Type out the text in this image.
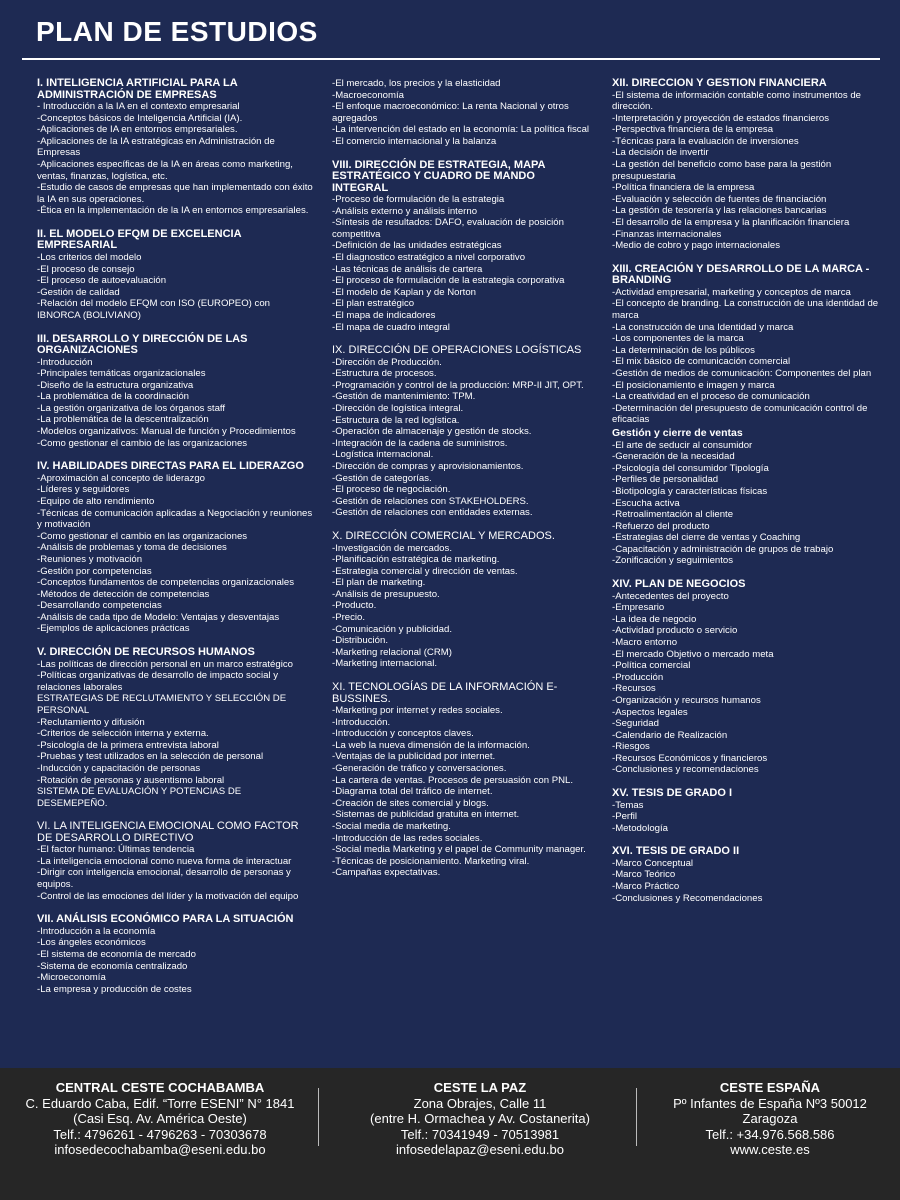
PLAN DE ESTUDIOS
I. INTELIGENCIA ARTIFICIAL PARA LA ADMINISTRACIÓN DE EMPRESAS
- Introducción a la IA en el contexto empresarial
-Conceptos básicos de Inteligencia Artificial (IA).
-Aplicaciones de IA en entornos empresariales.
-Aplicaciones de la IA estratégicas en Administración de Empresas
-Aplicaciones específicas de la IA en áreas como marketing, ventas, finanzas, logística, etc.
-Estudio de casos de empresas que han implementado con éxito la IA en sus operaciones.
-Ética en la implementación de la IA en entornos empresariales.
II. EL MODELO EFQM DE EXCELENCIA EMPRESARIAL
-Los criterios del modelo
-El proceso de consejo
-El proceso de autoevaluación
-Gestión de calidad
-Relación del modelo EFQM con ISO (EUROPEO) con IBNORCA (BOLIVIANO)
III. DESARROLLO Y DIRECCIÓN DE LAS ORGANIZACIONES
-Introducción
-Principales temáticas organizacionales
-Diseño de la estructura organizativa
-La problemática de la coordinación
-La gestión organizativa de los órganos staff
-La problemática de la descentralización
-Modelos organizativos: Manual de función y Procedimientos
-Como gestionar el cambio de las organizaciones
IV. HABILIDADES DIRECTAS PARA EL LIDERAZGO
-Aproximación al concepto de liderazgo
-Líderes y seguidores
-Equipo de alto rendimiento
-Técnicas de comunicación aplicadas a Negociación y reuniones y motivación
-Como gestionar el cambio en las organizaciones
-Análisis de problemas y toma de decisiones
-Reuniones y motivación
-Gestión por competencias
-Conceptos fundamentos de competencias organizacionales
-Métodos de detección de competencias
-Desarrollando competencias
-Análisis de cada tipo de Modelo: Ventajas y desventajas
-Ejemplos de aplicaciones prácticas
V. DIRECCIÓN DE RECURSOS HUMANOS
-Las políticas de dirección personal en un marco estratégico
-Políticas organizativas de desarrollo de impacto social y relaciones laborales
ESTRATEGIAS DE RECLUTAMIENTO Y SELECCIÓN DE PERSONAL
-Reclutamiento y difusión
-Criterios de selección interna y externa.
-Psicología de la primera entrevista laboral
-Pruebas y test utilizados en la selección de personal
-Inducción y capacitación de personas
-Rotación de personas y ausentismo laboral
SISTEMA DE EVALUACIÓN Y POTENCIAS DE DESEMEPEÑO.
VI. LA INTELIGENCIA EMOCIONAL COMO FACTOR DE DESARROLLO DIRECTIVO
-El factor humano: Últimas tendencia
-La inteligencia emocional como nueva forma de interactuar
-Dirigir con inteligencia emocional, desarrollo de personas y equipos.
-Control de las emociones del líder y la motivación del equipo
VII. ANÁLISIS ECONÓMICO PARA LA SITUACIÓN
-Introducción a la economía
-Los ángeles económicos
-El sistema de economía de mercado
-Sistema de economía centralizado
-Microeconomía
-La empresa y producción de costes
-El mercado, los precios y la elasticidad
-Macroeconomía
-El enfoque macroeconómico: La renta Nacional y otros agregados
-La intervención del estado en la economía: La política fiscal
-El comercio internacional y la balanza
VIII. DIRECCIÓN DE ESTRATEGIA, MAPA ESTRATÉGICO Y CUADRO DE MANDO INTEGRAL
-Proceso de formulación de la estrategia
-Análisis externo y análisis interno
-Síntesis de resultados: DAFO, evaluación de posición competitiva
-Definición de las unidades estratégicas
-El diagnostico estratégico a nivel corporativo
-Las técnicas de análisis de cartera
-El proceso de formulación de la estrategia corporativa
-El modelo de Kaplan y de Norton
-El plan estratégico
-El mapa de indicadores
-El mapa de cuadro integral
IX. DIRECCIÓN DE OPERACIONES LOGÍSTICAS
-Dirección de Producción.
-Estructura de procesos.
-Programación y control de la producción: MRP-II JIT, OPT.
-Gestión de mantenimiento: TPM.
-Dirección de logística integral.
-Estructura de la red logística.
-Operación de almacenaje y gestión de stocks.
-Integración de la cadena de suministros.
-Logística internacional.
-Dirección de compras y aprovisionamientos.
-Gestión de categorías.
-El proceso de negociación.
-Gestión de relaciones con STAKEHOLDERS.
-Gestión de relaciones con entidades externas.
X. DIRECCIÓN COMERCIAL Y MERCADOS.
-Investigación de mercados.
-Planificación estratégica de marketing.
-Estrategia comercial y dirección de ventas.
-El plan de marketing.
-Análisis de presupuesto.
-Producto.
-Precio.
-Comunicación y publicidad.
-Distribución.
-Marketing relacional (CRM)
-Marketing internacional.
XI. TECNOLOGÍAS DE LA INFORMACIÓN E-BUSSINES.
-Marketing por internet y redes sociales.
-Introducción.
-Introducción y conceptos claves.
-La web la nueva dimensión de la información.
-Ventajas de la publicidad por internet.
-Generación de tráfico y conversaciones.
-La cartera de ventas. Procesos de persuasión con PNL.
-Diagrama total del tráfico de internet.
-Creación de sites comercial y blogs.
-Sistemas de publicidad gratuita en internet.
-Social media de marketing.
-Introducción de las redes sociales.
-Social media Marketing y el papel de Community manager.
-Técnicas de posicionamiento. Marketing viral.
-Campañas expectativas.
XII. DIRECCIÓN Y GESTIÓN FINANCIERA
-El sistema de información contable como instrumentos de dirección.
-Interpretación y proyección de estados financieros
-Perspectiva financiera de la empresa
-Técnicas para la evaluación de inversiones
-La decisión de invertir
-La gestión del beneficio como base para la gestión presupuestaria
-Política financiera de la empresa
-Evaluación y selección de fuentes de financiación
-La gestión de tesorería y las relaciones bancarias
-El desarrollo de la empresa y la planificación financiera
-Finanzas internacionales
-Medio de cobro y pago internacionales
XIII. CREACIÓN Y DESARROLLO DE LA MARCA - BRANDING
-Actividad empresarial, marketing y conceptos de marca
-El concepto de branding. La construcción de una identidad de marca
-La construcción de una Identidad y marca
-Los componentes de la marca
-La determinación de los públicos
-El mix básico de comunicación comercial
-Gestión de medios de comunicación: Componentes del plan
-El posicionamiento e imagen y marca
-La creatividad en el proceso de comunicación
-Determinación del presupuesto de comunicación control de eficacias
Gestión y cierre de ventas
-El arte de seducir al consumidor
-Generación de la necesidad
-Psicología del consumidor Tipología
-Perfiles de personalidad
-Biotipología y características físicas
-Escucha activa
-Retroalimentación al cliente
-Refuerzo del producto
-Estrategias del cierre de ventas y Coaching
-Capacitación y administración de grupos de trabajo
-Zonificación y seguimientos
XIV. PLAN DE NEGOCIOS
-Antecedentes del proyecto
-Empresario
-La idea de negocio
-Actividad producto o servicio
-Macro entorno
-El mercado Objetivo o mercado meta
-Política comercial
-Producción
-Recursos
-Organización y recursos humanos
-Aspectos legales
-Seguridad
-Calendario de Realización
-Riesgos
-Recursos Económicos y financieros
-Conclusiones y recomendaciones
XV. TESIS DE GRADO I
-Temas
-Perfil
-Metodología
XVI. TESIS DE GRADO II
-Marco Conceptual
-Marco Teórico
-Marco Práctico
-Conclusiones y Recomendaciones
CENTRAL CESTE COCHABAMBA
C. Eduardo Caba, Edif. “Torre ESENI” N° 1841
(Casi Esq. Av. América Oeste)
Telf.: 4796261 - 4796263 - 70303678
infosedecochabamba@eseni.edu.bo
CESTE LA PAZ
Zona Obrajes, Calle 11
(entre H. Ormachea y Av. Costanerita)
Telf.: 70341949 - 70513981
infosedelapaz@eseni.edu.bo
CESTE ESPAÑA
Pº Infantes de España Nº3 50012
Zaragoza
Telf.: +34.976.568.586
www.ceste.es
